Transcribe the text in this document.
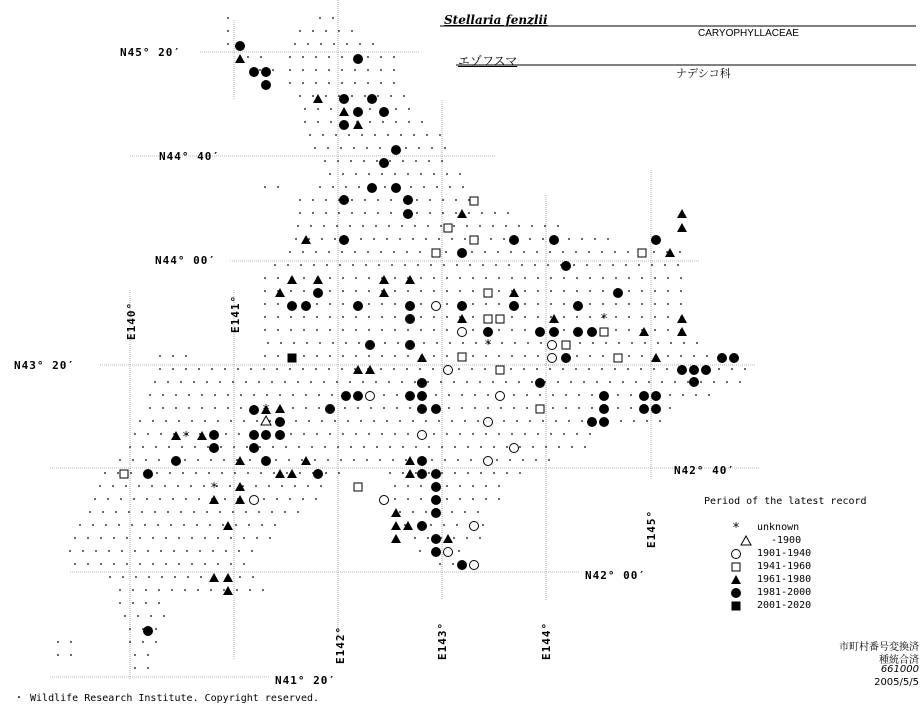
*
*
*
*
*
*
Stellaria fenzlii
CARYOPHYLLACEAE
エゾフスマ
ナデシコ科
N45° 20′
N44° 40′
N44° 00′
N43° 20′
N42° 40′
N42° 00′
N41° 20′
E140°	E141°
E142°	E143°	E144°
E145°
Period of the latest record
unknown
-1900
1901-1940
1941-1960
1961-1980
1981-2000
2001-2020
市町村番号変換済
種統合済
661000
2005/5/5
・ Wildlife Research Institute. Copyright reserved.
